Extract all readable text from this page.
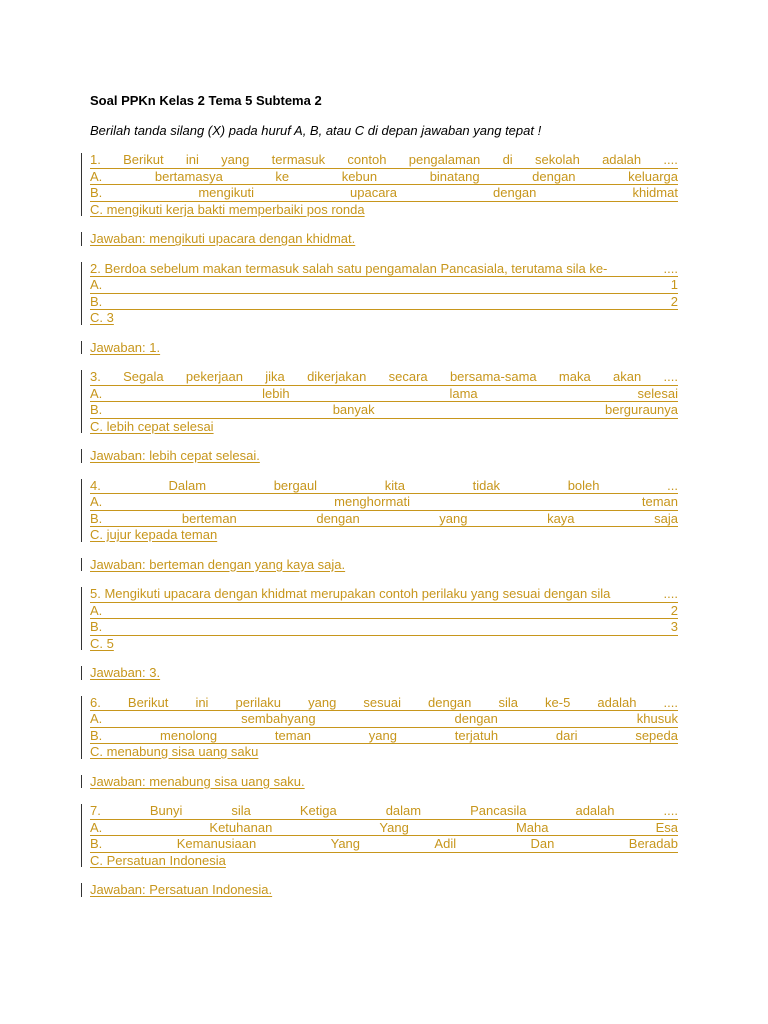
Soal PPKn Kelas 2 Tema 5 Subtema 2
Berilah tanda silang (X) pada huruf A, B, atau C di depan jawaban yang tepat !
1. Berikut ini yang termasuk contoh pengalaman di sekolah adalah ....
A.	bertamasya	ke	kebun	binatang	dengan	keluarga
B.	mengikuti	upacara	dengan	khidmat
C. mengikuti kerja bakti memperbaiki pos ronda
Jawaban: mengikuti upacara dengan khidmat.
2. Berdoa sebelum makan termasuk salah satu pengamalan Pancasiala, terutama sila ke-	....
A.	1
B.	2
C. 3
Jawaban: 1.
3. Segala pekerjaan jika dikerjakan secara bersama-sama maka akan ....
A.	lebih	lama	selesai
B.	banyak	berguraunya
C. lebih cepat selesai
Jawaban: lebih cepat selesai.
4.	Dalam	bergaul	kita	tidak	boleh	...
A.	menghormati	teman
B.	berteman	dengan	yang	kaya	saja
C. jujur kepada teman
Jawaban: berteman dengan yang kaya saja.
5. Mengikuti upacara dengan khidmat merupakan contoh perilaku yang sesuai dengan sila	....
A.	2
B.	3
C. 5
Jawaban: 3.
6. Berikut ini perilaku yang sesuai dengan sila ke-5 adalah ....
A.	sembahyang	dengan	khusuk
B.	menolong	teman	yang	terjatuh	dari	sepeda
C. menabung sisa uang saku
Jawaban: menabung sisa uang saku.
7.	Bunyi	sila	Ketiga	dalam	Pancasila	adalah	....
A.	Ketuhanan	Yang	Maha	Esa
B.	Kemanusiaan	Yang	Adil	Dan	Beradab
C. Persatuan Indonesia
Jawaban: Persatuan Indonesia.
